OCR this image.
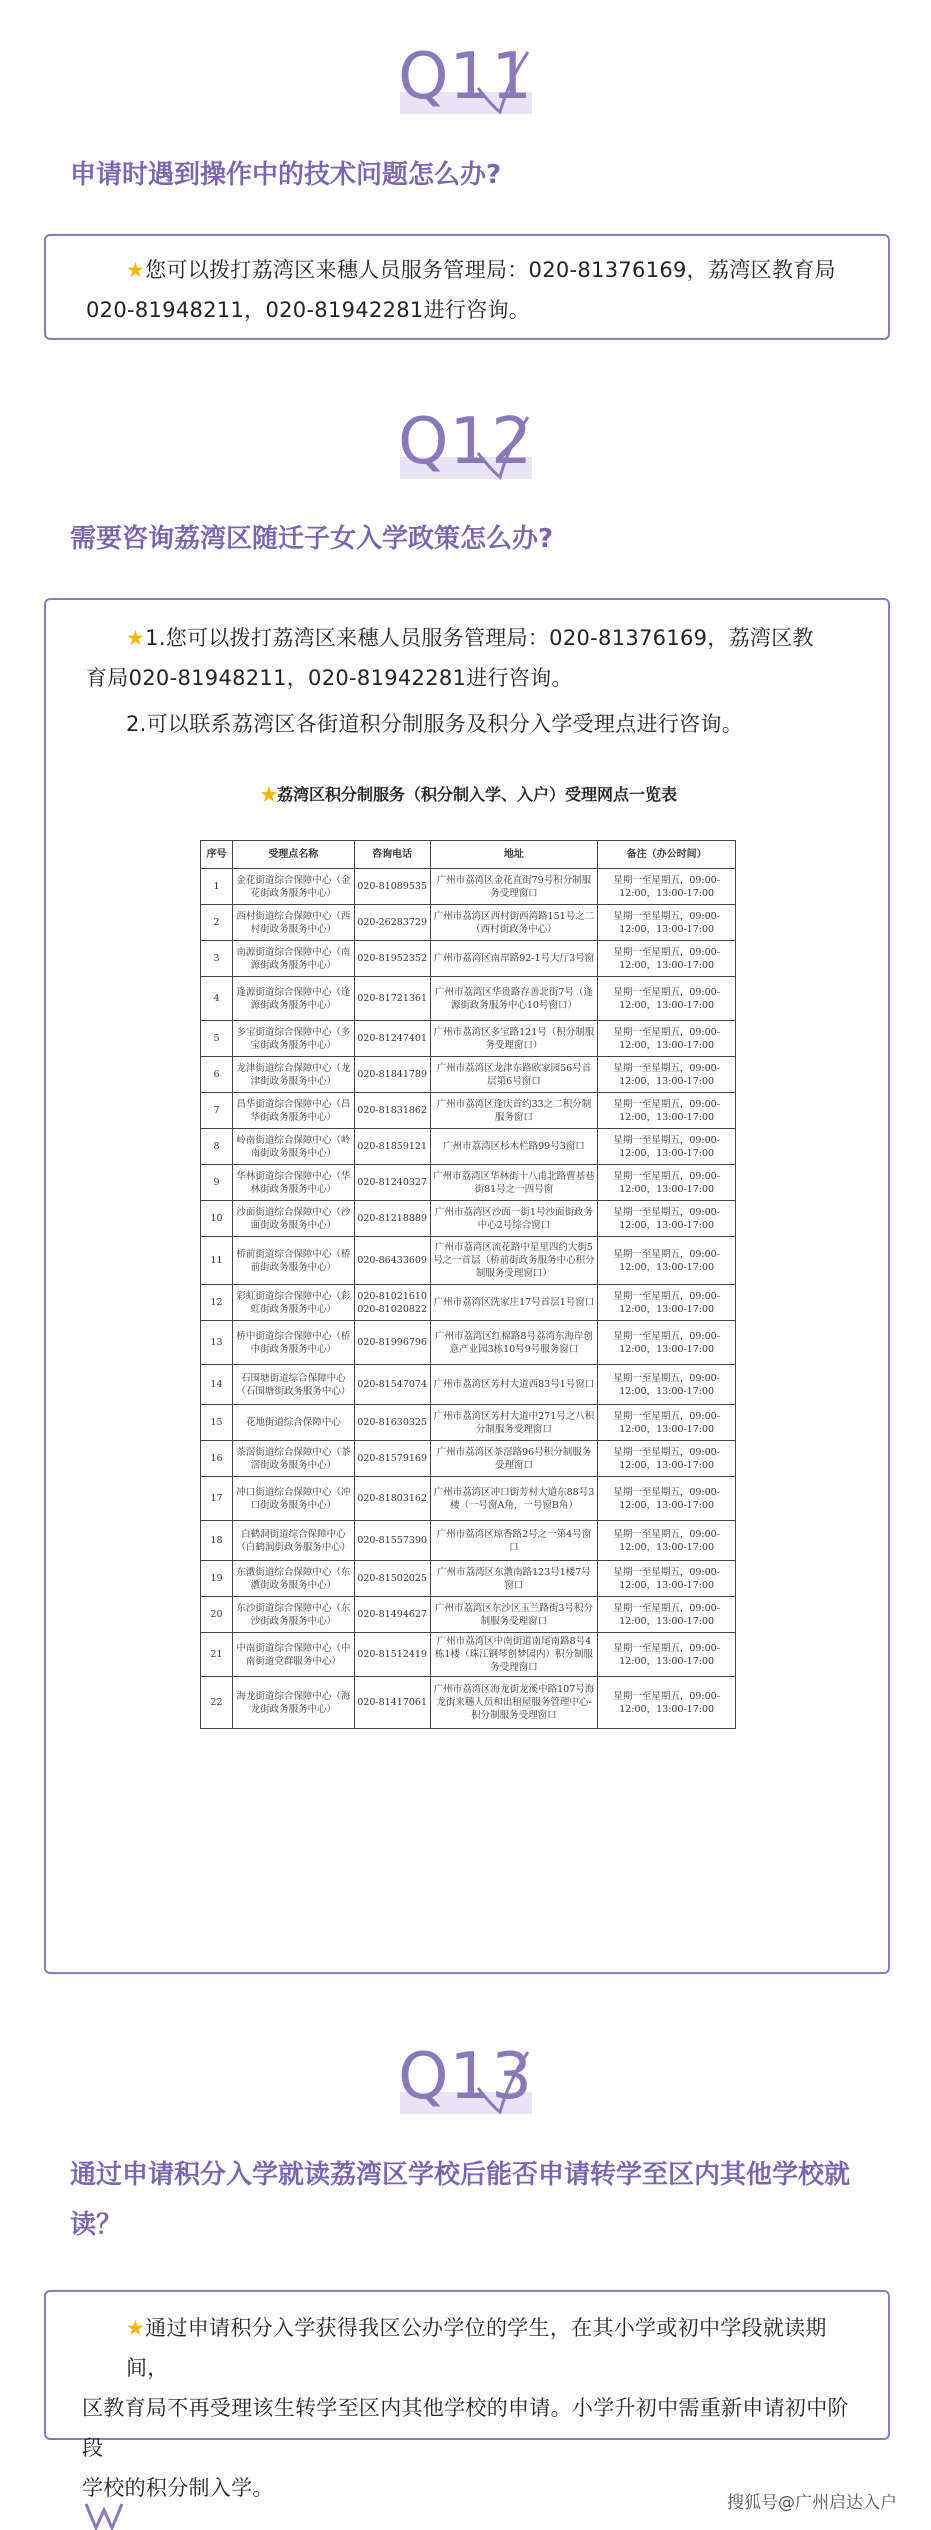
Q11
申请时遇到操作中的技术问题怎么办?

★您可以拨打荔湾区来穗人员服务管理局：020-81376169，荔湾区教育局

020-81948211，020-81942281进行咨询。

Q12
需要咨询荔湾区随迁子女入学政策怎么办?

★1.您可以拨打荔湾区来穗人员服务管理局：020-81376169，荔湾区教

育局020-81948211，020-81942281进行咨询。

2.可以联系荔湾区各街道积分制服务及积分入学受理点进行咨询。

★荔湾区积分制服务（积分制入学、入户）受理网点一览表
序号	受理点名称	咨询电话	地址	备注（办公时间）
1	金花街道综合保障中心（金花街政务服务中心）	020-81089535	广州市荔湾区金花直街79号积分制服务受理窗口	星期一至星期五，09:00-12:00，13:00-17:00
2	西村街道综合保障中心（西村街政务服务中心）	020-26283729	广州市荔湾区西村街西湾路151号之二（西村街政务中心）	星期一至星期五，09:00-12:00，13:00-17:00
3	南源街道综合保障中心（南源街政务服务中心）	020-81952352	广州市荔湾区南岸路92-1号大厅3号窗	星期一至星期五，09:00-12:00，13:00-17:00
4	逢源街道综合保障中心（逢源街政务服务中心）	020-81721361	广州市荔湾区华贵路存善北街7号（逢源街政务服务中心10号窗口）	星期一至星期五，09:00-12:00，13:00-17:00
5	多宝街道综合保障中心（多宝街政务服务中心）	020-81247401	广州市荔湾区多宝路121号（积分制服务受理窗口）	星期一至星期五，09:00-12:00，13:00-17:00
6	龙津街道综合保障中心（龙津街政务服务中心）	020-81841789	广州市荔湾区龙津东路欧家园56号首层第6号窗口	星期一至星期五，09:00-12:00，13:00-17:00
7	昌华街道综合保障中心（昌华街政务服务中心）	020-81831862	广州市荔湾区逢庆首约33之二积分制服务窗口	星期一至星期五，09:00-12:00，13:00-17:00
8	岭南街道综合保障中心（岭南街政务服务中心）	020-81859121	广州市荔湾区杉木栏路99号3窗口	星期一至星期五，09:00-12:00，13:00-17:00
9	华林街道综合保障中心（华林街政务服务中心）	020-81240327	广州市荔湾区华林街十八甫北路曹基巷街81号之一四号窗	星期一至星期五，09:00-12:00，13:00-17:00
10	沙面街道综合保障中心（沙面街政务服务中心）	020-81218889	广州市荔湾区沙面一街1号沙面街政务中心2号综合窗口	星期一至星期五，09:00-12:00，13:00-17:00
11	桥前街道综合保障中心（桥前街政务服务中心）	020-86433609	广州市荔湾区流花路中星里四约大街5号之一首层（桥前街政务服务中心积分制服务受理窗口）	星期一至星期五，09:00-12:00，13:00-17:00
12	彩虹街道综合保障中心（彩虹街政务服务中心）	020-81021610 020-81020822	广州市荔湾区洗家庄17号首层1号窗口	星期一至星期五，09:00-12:00，13:00-17:00
13	桥中街道综合保障中心（桥中街政务服务中心）	020-81996796	广州市荔湾区红棉路8号荔湾东海岸创意产业园3栋10号9号服务窗口	星期一至星期五，09:00-12:00，13:00-17:00
14	石围塘街道综合保障中心（石围塘街政务服务中心）	020-81547074	广州市荔湾区芳村大道西83号1号窗口	星期一至星期五，09:00-12:00，13:00-17:00
15	花地街道综合保障中心	020-81630325	广州市荔湾区芳村大道中271号之八积分制服务受理窗口	星期一至星期五，09:00-12:00，13:00-17:00
16	茶滘街道综合保障中心（茶滘街政务服务中心）	020-81579169	广州市荔湾区茶滘路96号积分制服务受理窗口	星期一至星期五，09:00-12:00，13:00-17:00
17	冲口街道综合保障中心（冲口街政务服务中心）	020-81803162	广州市荔湾区冲口街芳村大道东88号3楼（一号窗A角，一号窗B角）	星期一至星期五，09:00-12:00，13:00-17:00
18	白鹤洞街道综合保障中心（白鹤洞街政务服务中心）	020-81557390	广州市荔湾区琼香路2号之一第4号窗口	星期一至星期五，09:00-12:00，13:00-17:00
19	东漖街道综合保障中心（东漖街政务服务中心）	020-81502025	广州市荔湾区东漖南路123号1楼7号窗口	星期一至星期五，09:00-12:00，13:00-17:00
20	东沙街道综合保障中心（东沙街政务服务中心）	020-81494627	广州市荔湾区东沙区玉兰路街3号积分制服务受理窗口	星期一至星期五，09:00-12:00，13:00-17:00
21	中南街道综合保障中心（中南街道党群服务中心）	020-81512419	广州市荔湾区中南街道南尾南路8号4栋1楼（珠江钢琴创梦园内）积分制服务受理窗口	星期一至星期五，09:00-12:00，13:00-17:00
22	海龙街道综合保障中心（海龙街政务服务中心）	020-81417061	广州市荔湾区海龙街龙溪中路107号海龙街来穗人员和出租屋服务管理中心-积分制服务受理窗口	星期一至星期五，09:00-12:00，13:00-17:00
Q13
通过申请积分入学就读荔湾区学校后能否申请转学至区内其他学校就
读？

★通过申请积分入学获得我区公办学位的学生，在其小学或初中学段就读期间，

区教育局不再受理该生转学至区内其他学校的申请。小学升初中需重新申请初中阶段

学校的积分制入学。

搜狐号@广州启达入户
